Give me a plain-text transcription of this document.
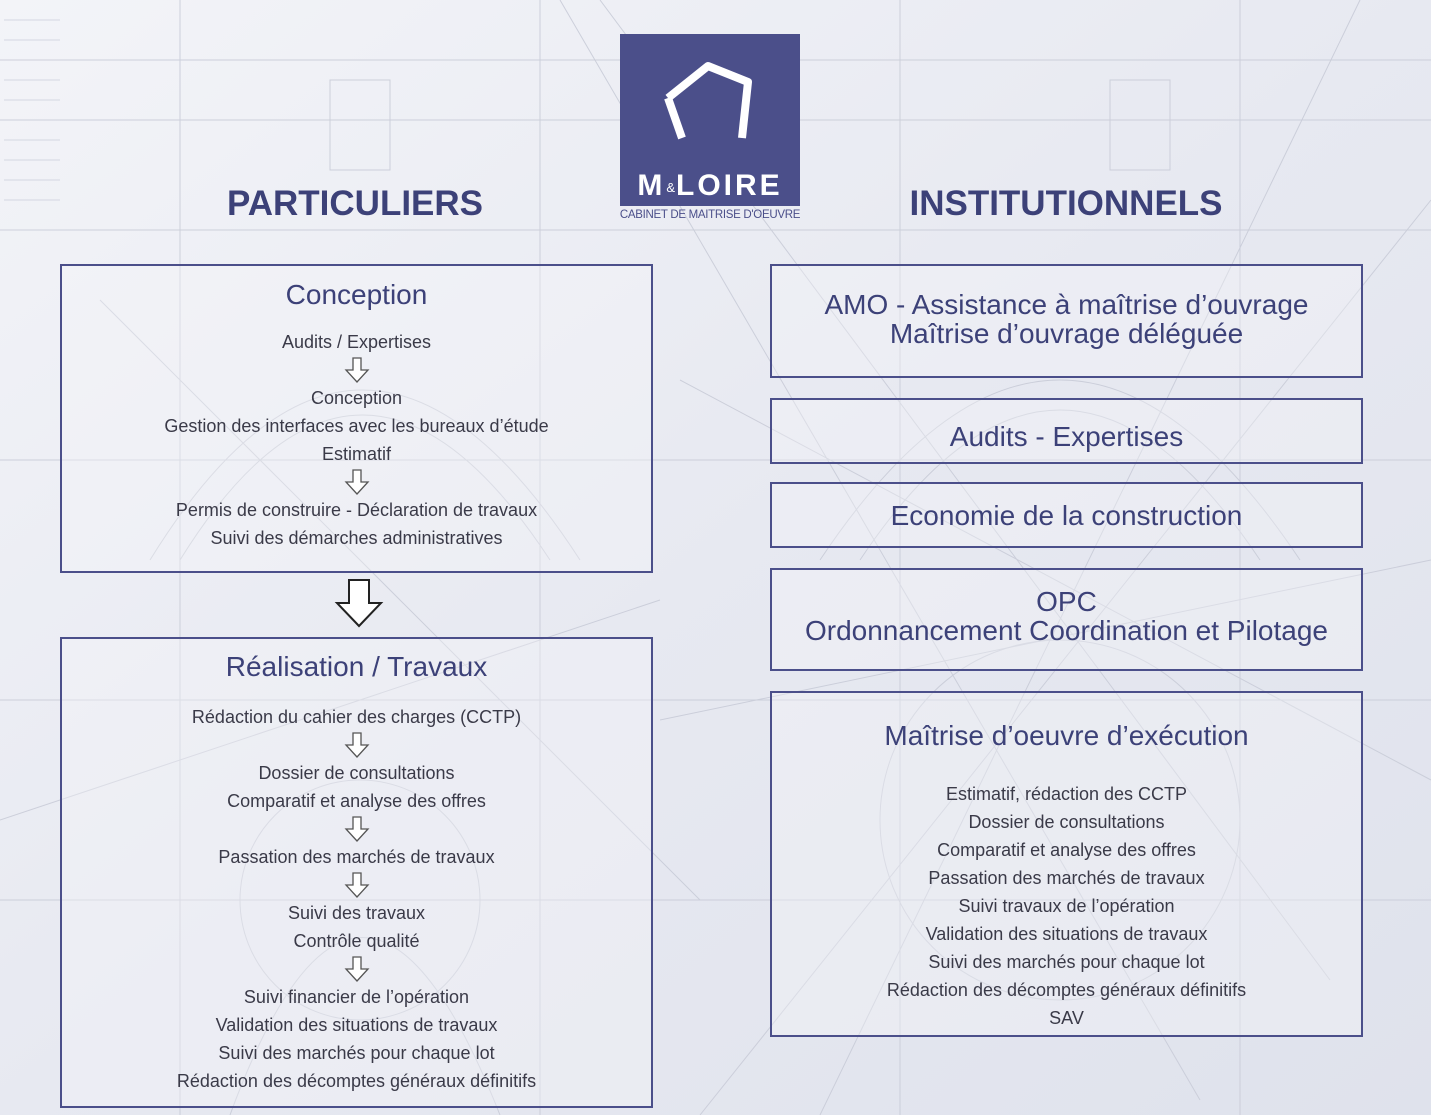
PARTICULIERS	INSTITUTIONNELS
M&LOIRE
CABINET DE MAITRISE D'OEUVRE
Conception
Audits / Expertises
Conception
Gestion des interfaces avec les bureaux d’étude
Estimatif
Permis de construire - Déclaration de travaux
Suivi des démarches administratives
Réalisation / Travaux
Rédaction du cahier des charges (CCTP)
Dossier de consultations
Comparatif et analyse des offres
Passation des marchés de travaux
Suivi des travaux
Contrôle qualité
Suivi financier de l’opération
Validation des situations de travaux
Suivi des marchés pour chaque lot
Rédaction des décomptes généraux définitifs
AMO - Assistance à maîtrise d’ouvrage
Maîtrise d’ouvrage déléguée
Audits - Expertises
Economie de la construction
OPC
Ordonnancement Coordination et Pilotage
Maîtrise d’oeuvre d’exécution
Estimatif, rédaction des CCTP
Dossier de consultations
Comparatif et analyse des offres
Passation des marchés de travaux
Suivi travaux de l’opération
Validation des situations de travaux
Suivi des marchés pour chaque lot
Rédaction des décomptes généraux définitifs
SAV
